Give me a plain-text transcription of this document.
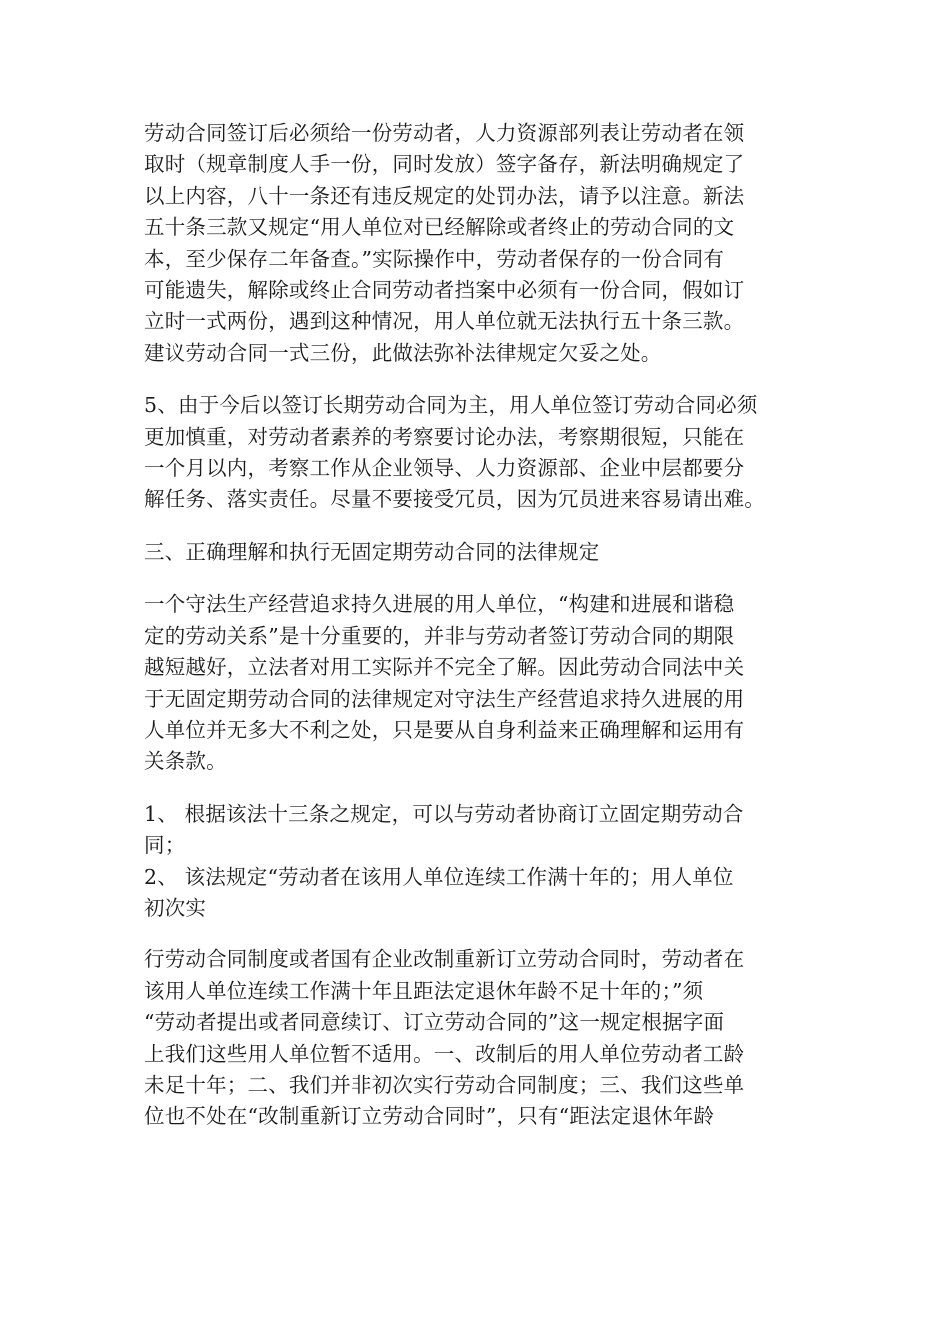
劳动合同签订后必须给一份劳动者，人力资源部列表让劳动者在领
取时（规章制度人手一份，同时发放）签字备存，新法明确规定了
以上内容，八十一条还有违反规定的处罚办法，请予以注意。新法
五十条三款又规定“用人单位对已经解除或者终止的劳动合同的文
本，至少保存二年备查。”实际操作中，劳动者保存的一份合同有
可能遗失，解除或终止合同劳动者挡案中必须有一份合同，假如订
立时一式两份，遇到这种情况，用人单位就无法执行五十条三款。
建议劳动合同一式三份，此做法弥补法律规定欠妥之处。
5、由于今后以签订长期劳动合同为主，用人单位签订劳动合同必须
更加慎重，对劳动者素养的考察要讨论办法，考察期很短，只能在
一个月以内，考察工作从企业领导、人力资源部、企业中层都要分
解任务、落实责任。尽量不要接受冗员，因为冗员进来容易请出难。
三、正确理解和执行无固定期劳动合同的法律规定
一个守法生产经营追求持久进展的用人单位，“构建和进展和谐稳
定的劳动关系”是十分重要的，并非与劳动者签订劳动合同的期限
越短越好，立法者对用工实际并不完全了解。因此劳动合同法中关
于无固定期劳动合同的法律规定对守法生产经营追求持久进展的用
人单位并无多大不利之处，只是要从自身利益来正确理解和运用有
关条款。
1、 根据该法十三条之规定，可以与劳动者协商订立固定期劳动合
同；
2、 该法规定“劳动者在该用人单位连续工作满十年的；用人单位
初次实
行劳动合同制度或者国有企业改制重新订立劳动合同时，劳动者在
该用人单位连续工作满十年且距法定退休年龄不足十年的；”须
“劳动者提出或者同意续订、订立劳动合同的”这一规定根据字面
上我们这些用人单位暂不适用。一、改制后的用人单位劳动者工龄
未足十年；二、我们并非初次实行劳动合同制度；三、我们这些单
位也不处在“改制重新订立劳动合同时”，只有“距法定退休年龄
